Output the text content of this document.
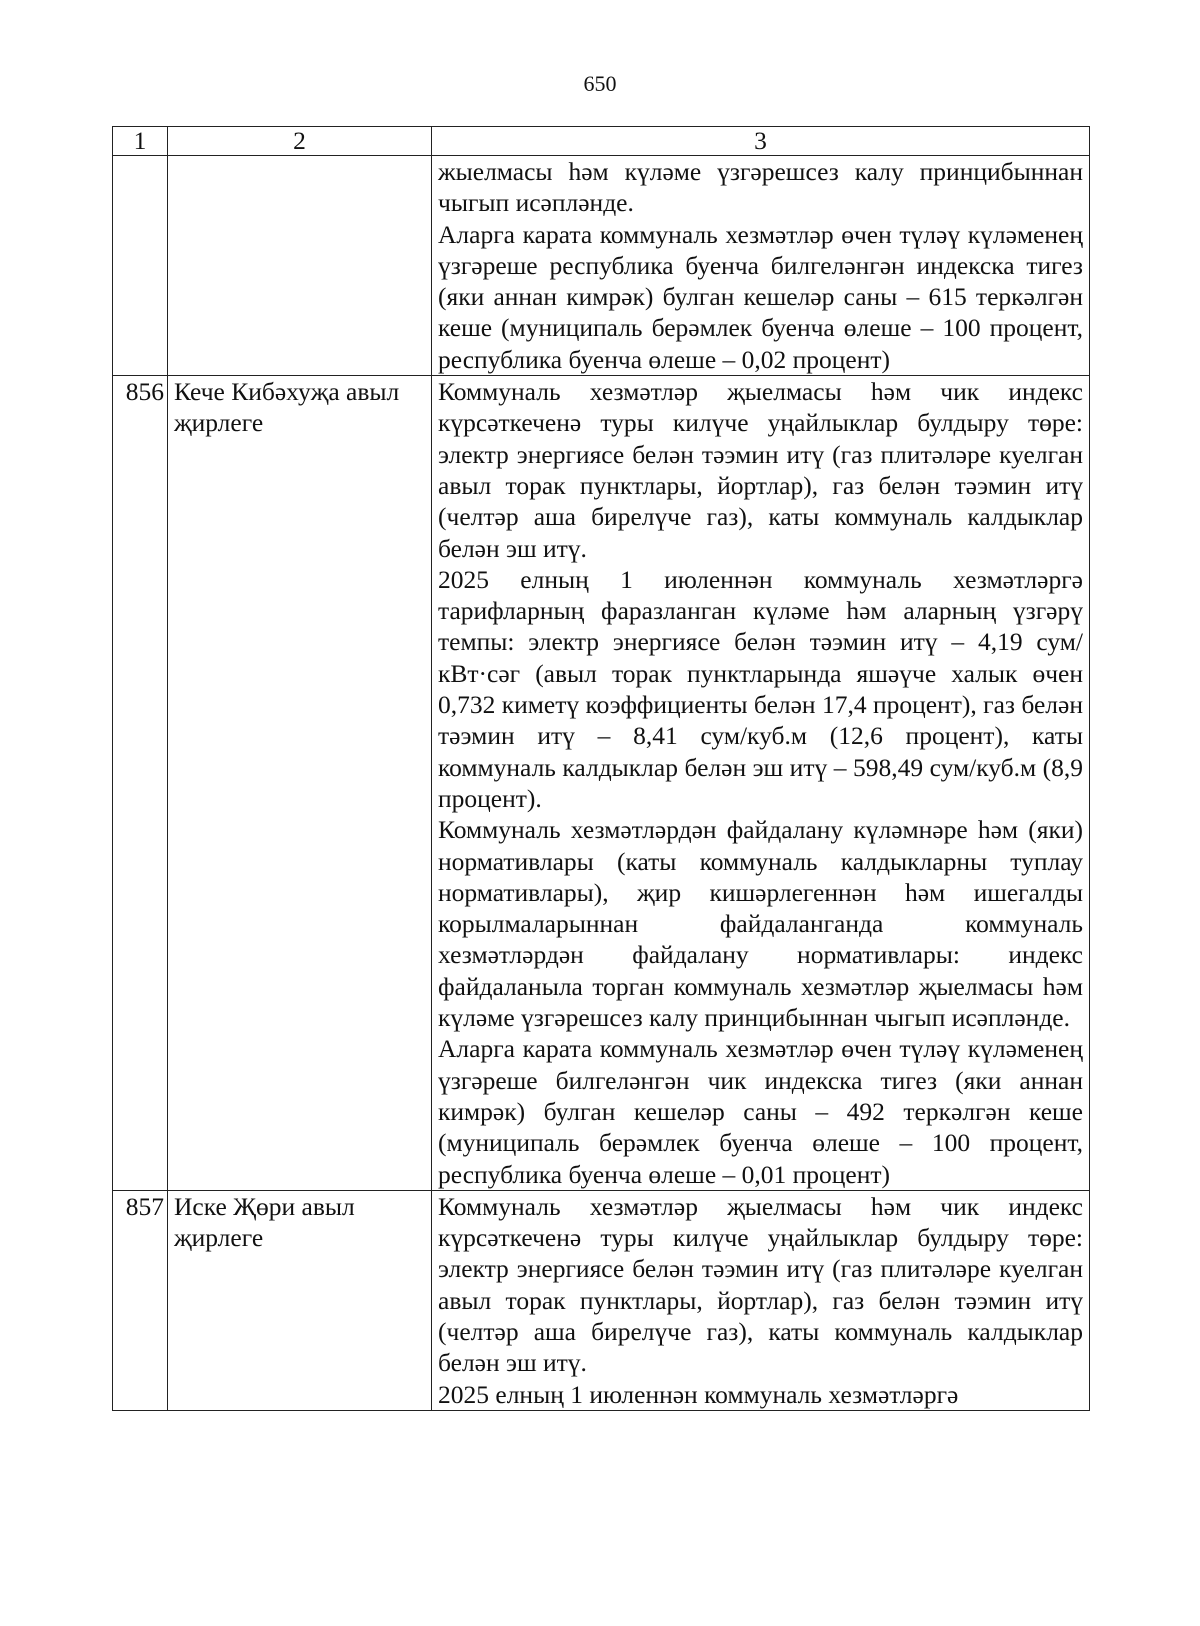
650
1	2	3

		жыелмасы һәм күләме үзгәрешсез калу принцибыннан чыгып исәпләнде.

Аларга карата коммуналь хезмәтләр өчен түләү күләменең үзгәреше республика буенча билгеләнгән индекска тигез (яки аннан кимрәк) булган кешеләр саны – 615 теркәлгән кеше (муниципаль берәмлек буенча өлеше – 100 процент, республика буенча өлеше – 0,02 процент)

856	Кече Кибәхуҗа авыл җирлеге	Коммуналь хезмәтләр җыелмасы һәм чик индекс күрсәткеченә туры килүче уңайлыклар булдыру төре: электр энергиясе белән тәэмин итү (газ плитәләре куелган авыл торак пунктлары, йортлар), газ белән тәэмин итү (челтәр аша бирелүче газ), каты коммуналь калдыклар белән эш итү.

2025 елның 1 июленнән коммуналь хезмәтләргә тарифларның фаразланган күләме һәм аларның үзгәрү темпы: электр энергиясе белән тәэмин итү – 4,19 сум/кВт·сәг (авыл торак пунктларында яшәүче халык өчен 0,732 киметү коэффициенты белән 17,4 процент), газ белән тәэмин итү – 8,41 сум/куб.м (12,6 процент), каты коммуналь калдыклар белән эш итү – 598,49 сум/куб.м (8,9 процент).

Коммуналь хезмәтләрдән файдалану күләмнәре һәм (яки) нормативлары (каты коммуналь калдыкларны туплау нормативлары), җир кишәрлегеннән һәм ишегалды корылмаларыннан файдаланганда коммуналь хезмәтләрдән файдалану нормативлары: индекс файдаланыла торган коммуналь хезмәтләр җыелмасы һәм күләме үзгәрешсез калу принцибыннан чыгып исәпләнде.

Аларга карата коммуналь хезмәтләр өчен түләү күләменең үзгәреше билгеләнгән чик индекска тигез (яки аннан кимрәк) булган кешеләр саны – 492 теркәлгән кеше (муниципаль берәмлек буенча өлеше – 100 процент, республика буенча өлеше – 0,01 процент)

857	Иске Җөри авыл җирлеге	Коммуналь хезмәтләр җыелмасы һәм чик индекс күрсәткеченә туры килүче уңайлыклар булдыру төре: электр энергиясе белән тәэмин итү (газ плитәләре куелган авыл торак пунктлары, йортлар), газ белән тәэмин итү (челтәр аша бирелүче газ), каты коммуналь калдыклар белән эш итү.

2025 елның 1 июленнән коммуналь хезмәтләргә
